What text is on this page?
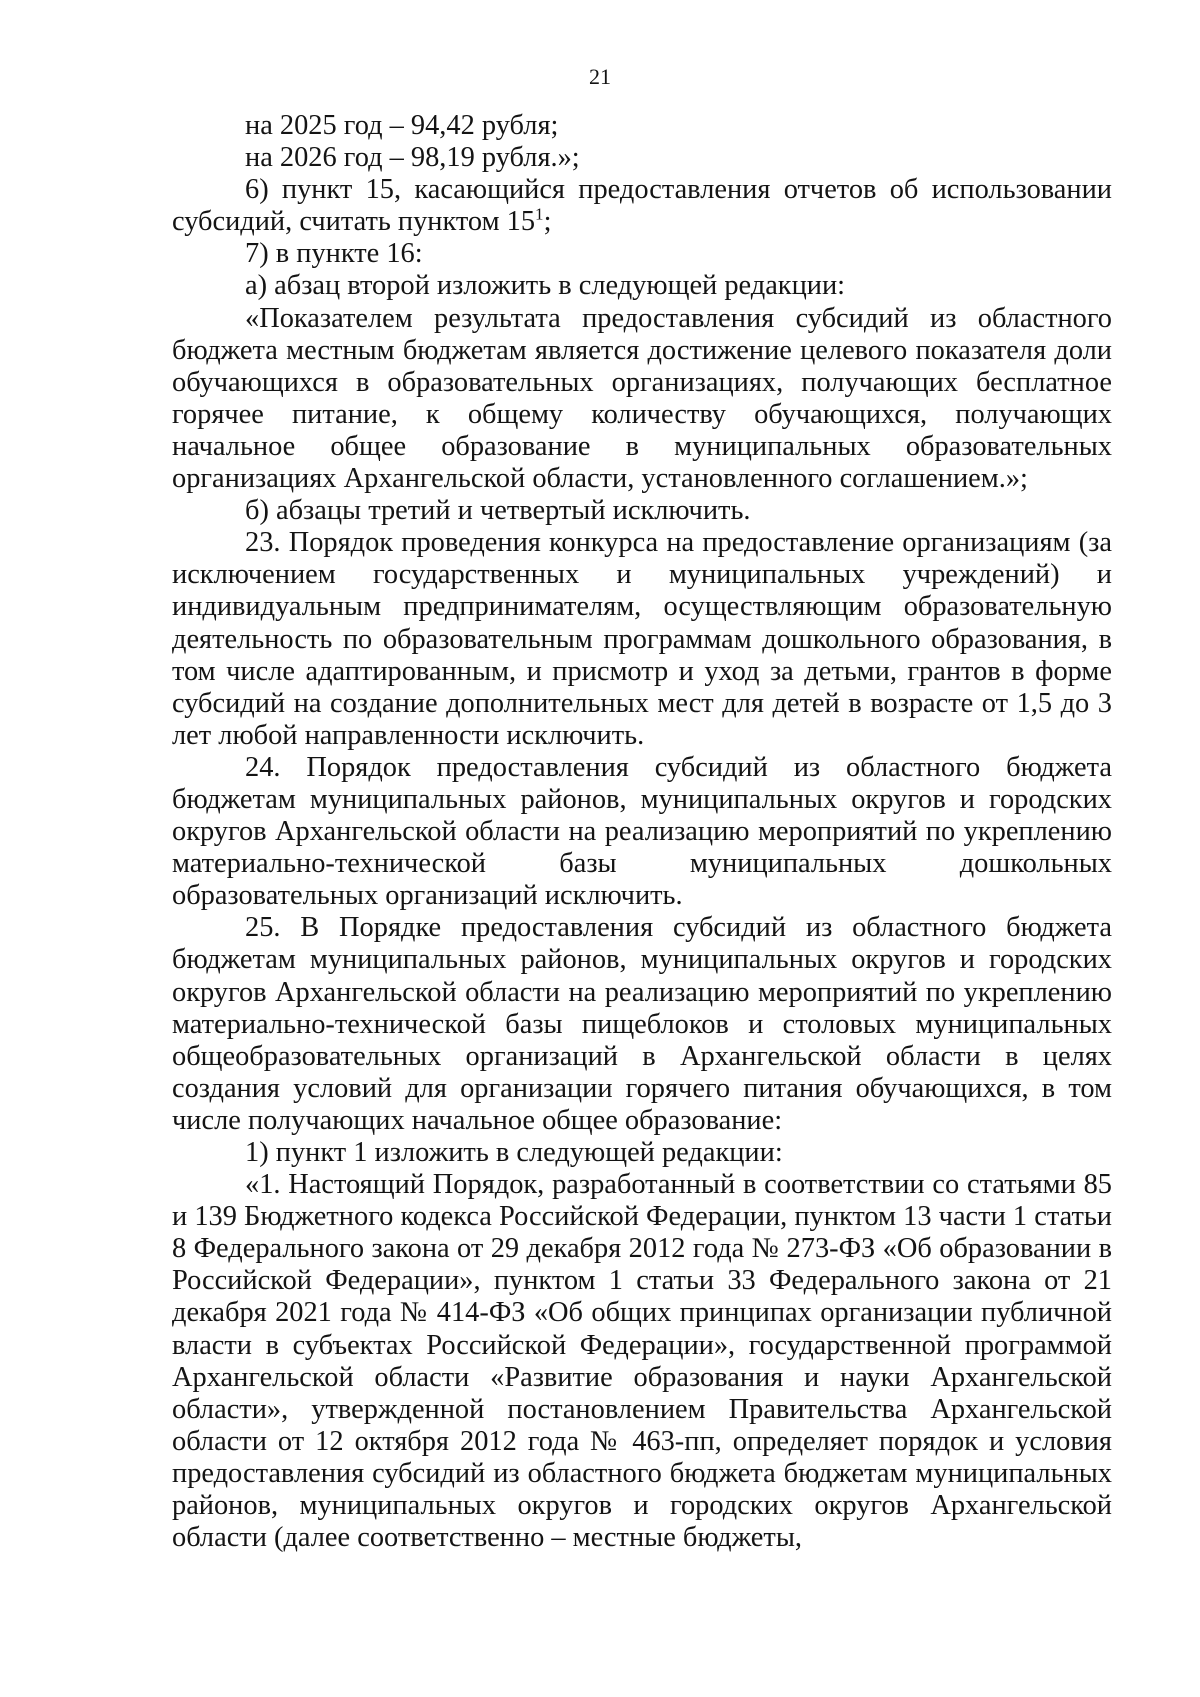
21

на 2025 год – 94,42 рубля;

на 2026 год – 98,19 рубля.»;

6) пункт 15, касающийся предоставления отчетов об использовании субсидий, считать пунктом $15^1$;

7) в пункте 16:

а) абзац второй изложить в следующей редакции:

«Показателем результата предоставления субсидий из областного бюджета местным бюджетам является достижение целевого показателя доли обучающихся в образовательных организациях, получающих бесплатное горячее питание, к общему количеству обучающихся, получающих начальное общее образование в муниципальных образовательных организациях Архангельской области, установленного соглашением.»;

б) абзацы третий и четвертый исключить.

23. Порядок проведения конкурса на предоставление организациям (за исключением государственных и муниципальных учреждений) и индивидуальным предпринимателям, осуществляющим образовательную деятельность по образовательным программам дошкольного образования, в том числе адаптированным, и присмотр и уход за детьми, грантов в форме субсидий на создание дополнительных мест для детей в возрасте от 1,5 до 3 лет любой направленности исключить.

24. Порядок предоставления субсидий из областного бюджета бюджетам муниципальных районов, муниципальных округов и городских округов Архангельской области на реализацию мероприятий по укреплению материально-технической базы муниципальных дошкольных образовательных организаций исключить.

25. В Порядке предоставления субсидий из областного бюджета бюджетам муниципальных районов, муниципальных округов и городских округов Архангельской области на реализацию мероприятий по укреплению материально-технической базы пищеблоков и столовых муниципальных общеобразовательных организаций в Архангельской области в целях создания условий для организации горячего питания обучающихся, в том числе получающих начальное общее образование:

1) пункт 1 изложить в следующей редакции:

«1. Настоящий Порядок, разработанный в соответствии со статьями 85 и 139 Бюджетного кодекса Российской Федерации, пунктом 13 части 1 статьи 8 Федерального закона от 29 декабря 2012 года № 273-ФЗ «Об образовании в Российской Федерации», пунктом 1 статьи 33 Федерального закона от 21 декабря 2021 года № 414-ФЗ «Об общих принципах организации публичной власти в субъектах Российской Федерации», государственной программой Архангельской области «Развитие образования и науки Архангельской области», утвержденной постановлением Правительства Архангельской области от 12 октября 2012 года № 463-пп, определяет порядок и условия предоставления субсидий из областного бюджета бюджетам муниципальных районов, муниципальных округов и городских округов Архангельской области (далее соответственно – местные бюджеты,
